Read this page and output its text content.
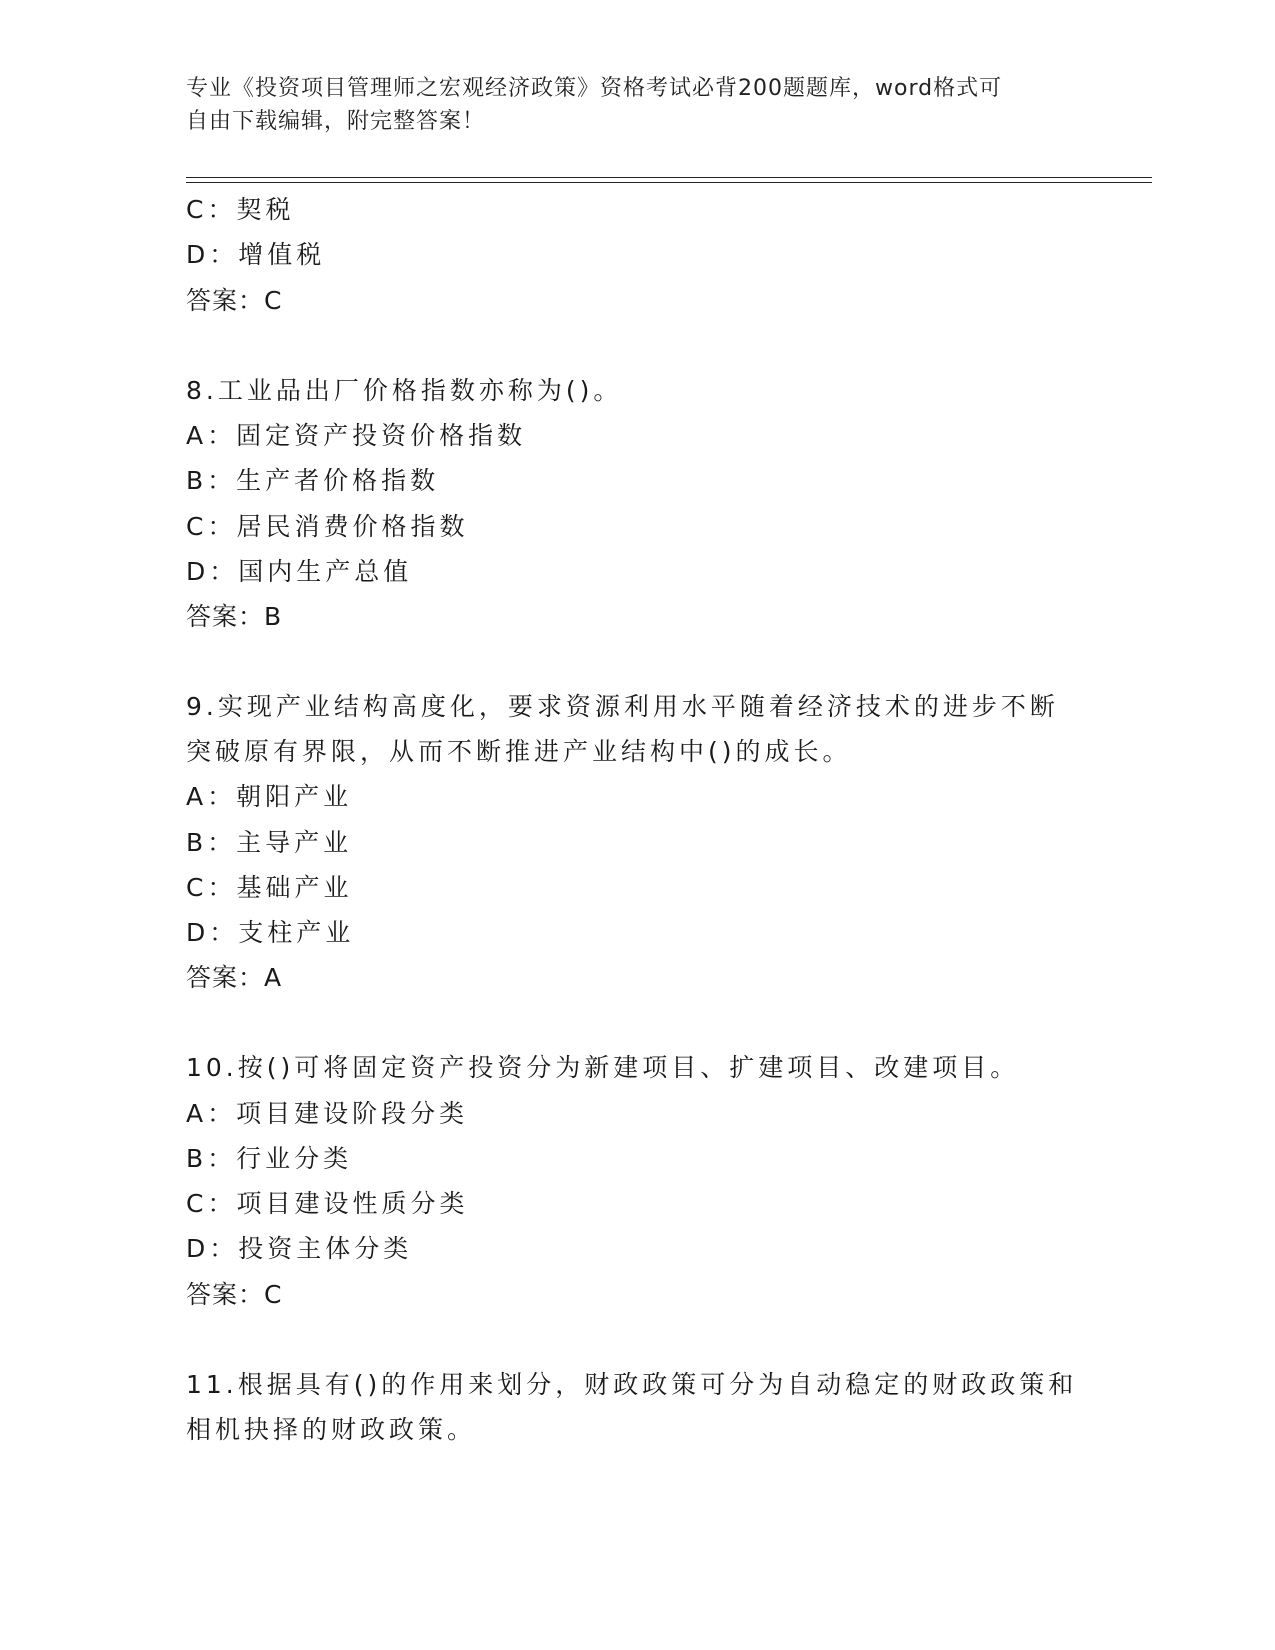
专业《投资项目管理师之宏观经济政策》资格考试必背200题题库，word格式可
自由下载编辑，附完整答案！
C：契税
D：增值税
答案：C
8.工业品出厂价格指数亦称为()。
A：固定资产投资价格指数
B：生产者价格指数
C：居民消费价格指数
D：国内生产总值
答案：B
9.实现产业结构高度化，要求资源利用水平随着经济技术的进步不断
突破原有界限，从而不断推进产业结构中()的成长。
A：朝阳产业
B：主导产业
C：基础产业
D：支柱产业
答案：A
10.按()可将固定资产投资分为新建项目、扩建项目、改建项目。
A：项目建设阶段分类
B：行业分类
C：项目建设性质分类
D：投资主体分类
答案：C
11.根据具有()的作用来划分，财政政策可分为自动稳定的财政政策和
相机抉择的财政政策。
